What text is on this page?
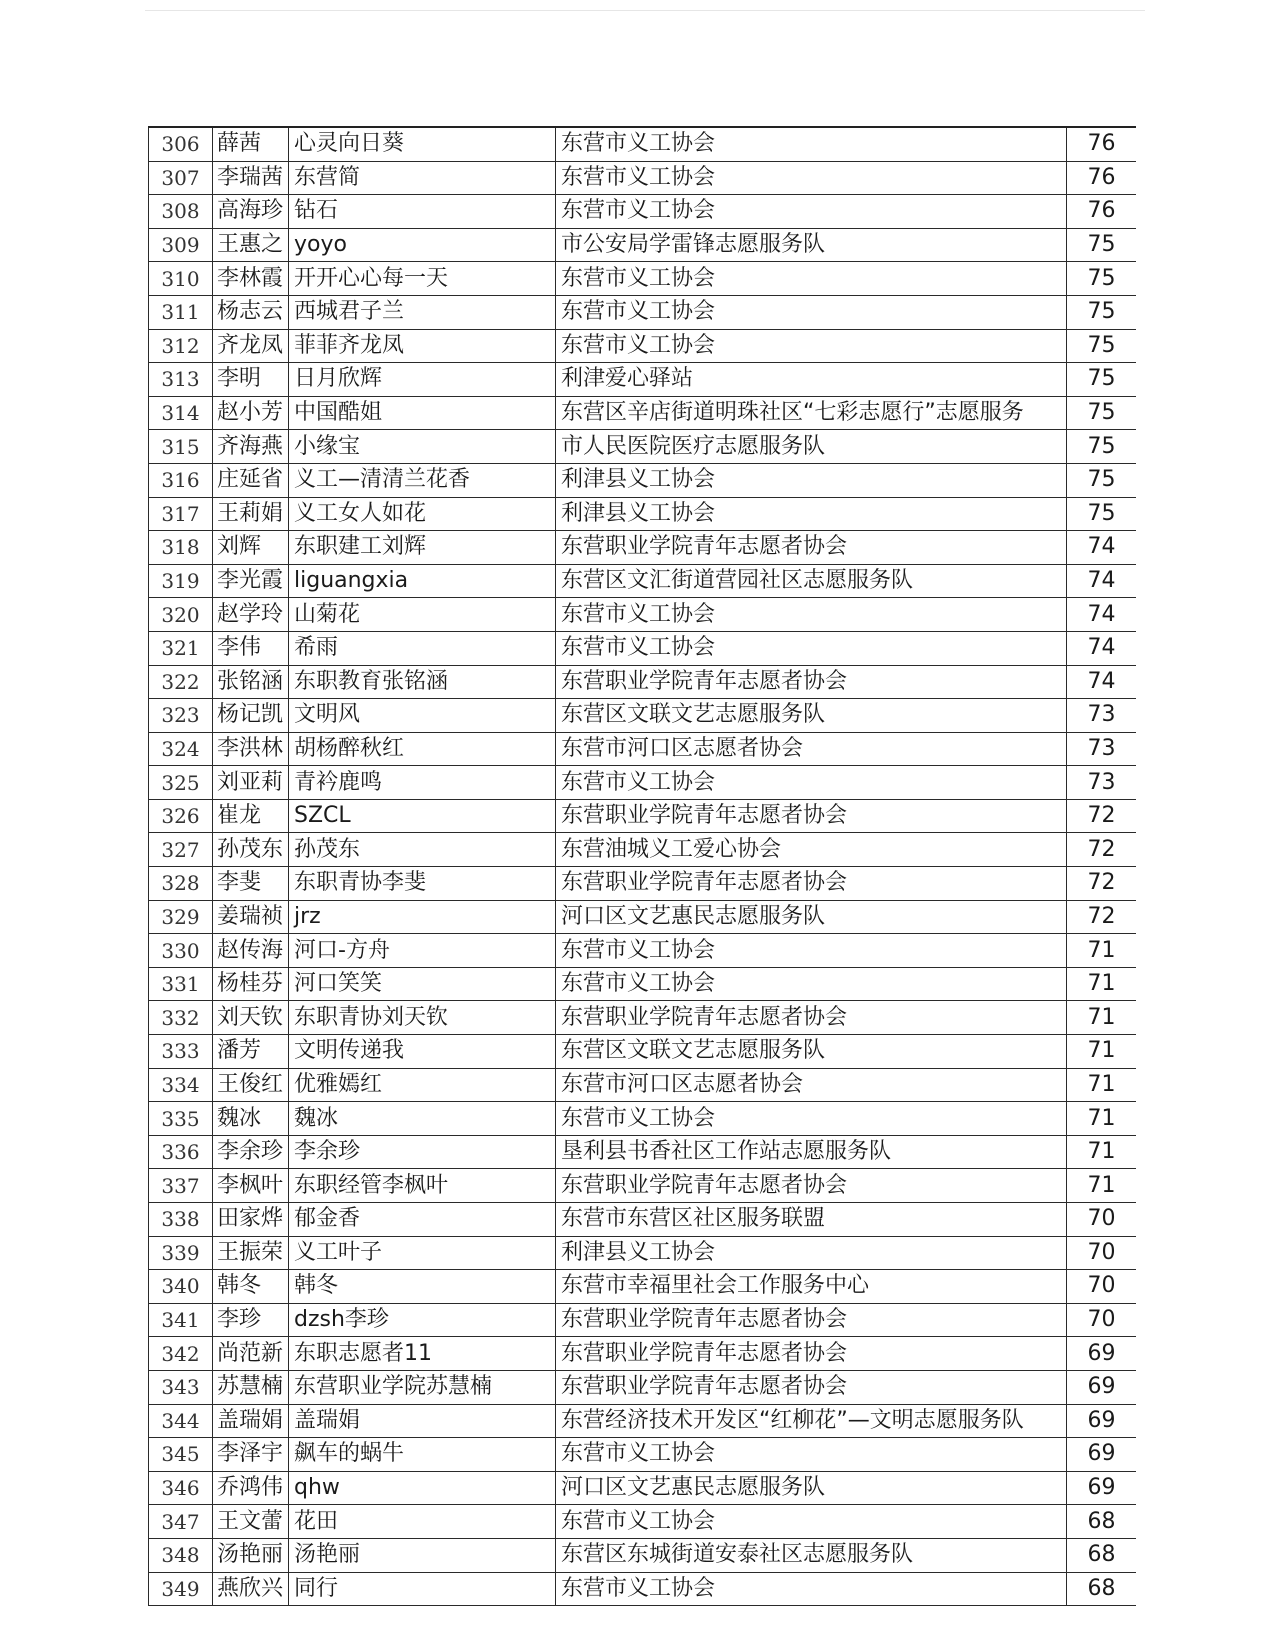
306	薛茜	心灵向日葵	东营市义工协会	76
307	李瑞茜	东营简	东营市义工协会	76
308	高海珍	钻石	东营市义工协会	76
309	王惠之	yoyo	市公安局学雷锋志愿服务队	75
310	李林霞	开开心心每一天	东营市义工协会	75
311	杨志云	西城君子兰	东营市义工协会	75
312	齐龙凤	菲菲齐龙凤	东营市义工协会	75
313	李明	日月欣辉	利津爱心驿站	75
314	赵小芳	中国酷姐	东营区辛店街道明珠社区“七彩志愿行”志愿服务	75
315	齐海燕	小缘宝	市人民医院医疗志愿服务队	75
316	庄延省	义工—清清兰花香	利津县义工协会	75
317	王莉娟	义工女人如花	利津县义工协会	75
318	刘辉	东职建工刘辉	东营职业学院青年志愿者协会	74
319	李光霞	liguangxia	东营区文汇街道营园社区志愿服务队	74
320	赵学玲	山菊花	东营市义工协会	74
321	李伟	希雨	东营市义工协会	74
322	张铭涵	东职教育张铭涵	东营职业学院青年志愿者协会	74
323	杨记凯	文明风	东营区文联文艺志愿服务队	73
324	李洪林	胡杨醉秋红	东营市河口区志愿者协会	73
325	刘亚莉	青衿鹿鸣	东营市义工协会	73
326	崔龙	SZCL	东营职业学院青年志愿者协会	72
327	孙茂东	孙茂东	东营油城义工爱心协会	72
328	李斐	东职青协李斐	东营职业学院青年志愿者协会	72
329	姜瑞祯	jrz	河口区文艺惠民志愿服务队	72
330	赵传海	河口-方舟	东营市义工协会	71
331	杨桂芬	河口笑笑	东营市义工协会	71
332	刘天钦	东职青协刘天钦	东营职业学院青年志愿者协会	71
333	潘芳	文明传递我	东营区文联文艺志愿服务队	71
334	王俊红	优雅嫣红	东营市河口区志愿者协会	71
335	魏冰	魏冰	东营市义工协会	71
336	李余珍	李余珍	垦利县书香社区工作站志愿服务队	71
337	李枫叶	东职经管李枫叶	东营职业学院青年志愿者协会	71
338	田家烨	郁金香	东营市东营区社区服务联盟	70
339	王振荣	义工叶子	利津县义工协会	70
340	韩冬	韩冬	东营市幸福里社会工作服务中心	70
341	李珍	dzsh李珍	东营职业学院青年志愿者协会	70
342	尚范新	东职志愿者11	东营职业学院青年志愿者协会	69
343	苏慧楠	东营职业学院苏慧楠	东营职业学院青年志愿者协会	69
344	盖瑞娟	盖瑞娟	东营经济技术开发区“红柳花”—文明志愿服务队	69
345	李泽宇	飙车的蜗牛	东营市义工协会	69
346	乔鸿伟	qhw	河口区文艺惠民志愿服务队	69
347	王文蕾	花田	东营市义工协会	68
348	汤艳丽	汤艳丽	东营区东城街道安泰社区志愿服务队	68
349	燕欣兴	同行	东营市义工协会	68
